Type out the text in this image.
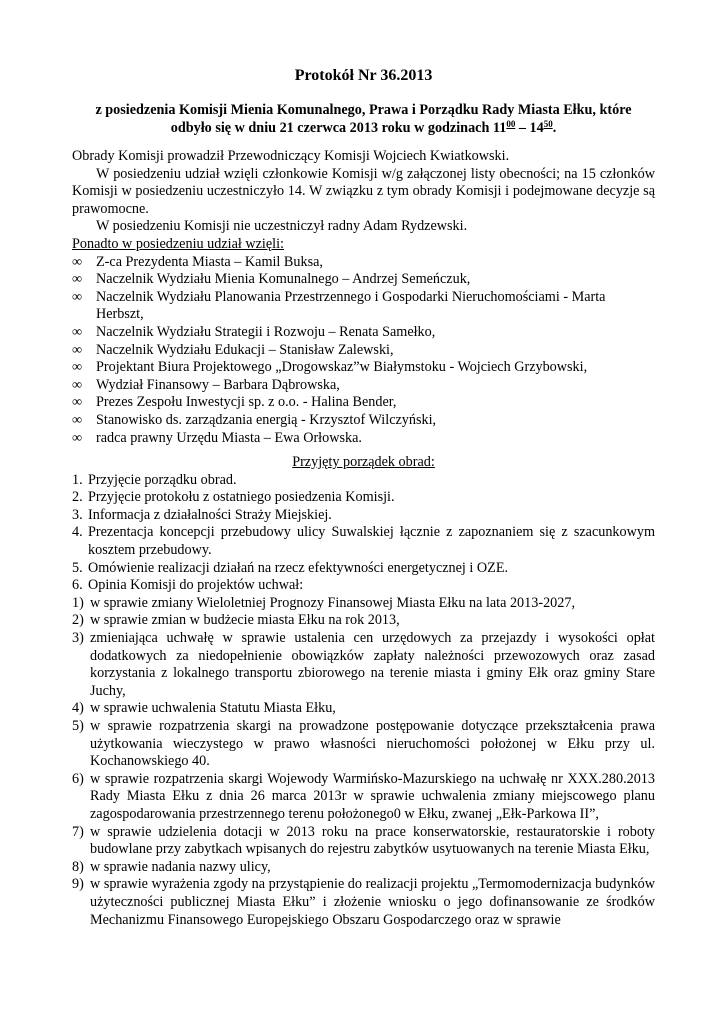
Protokół Nr 36.2013
z posiedzenia Komisji Mienia Komunalnego, Prawa i Porządku Rady Miasta Ełku, które
odbyło się w dniu 21 czerwca 2013 roku w godzinach $11^{00} - 14^{50}$.

Obrady Komisji prowadził Przewodniczący Komisji Wojciech Kwiatkowski.

W posiedzeniu udział wzięli członkowie Komisji w/g załączonej listy obecności; na 15 członków Komisji w posiedzeniu uczestniczyło 14. W związku z tym obrady Komisji i podejmowane decyzje są prawomocne.

W posiedzeniu Komisji nie uczestniczył radny Adam Rydzewski.

Ponadto w posiedzeniu udział wzięli:

∞ Z-ca Prezydenta Miasta – Kamil Buksa,
∞ Naczelnik Wydziału Mienia Komunalnego – Andrzej Semeńczuk,
∞ Naczelnik Wydziału Planowania Przestrzennego i Gospodarki Nieruchomościami - Marta Herbszt,
∞ Naczelnik Wydziału Strategii i Rozwoju – Renata Samełko,
∞ Naczelnik Wydziału Edukacji – Stanisław Zalewski,
∞ Projektant Biura Projektowego „Drogowskaz”w Białymstoku - Wojciech Grzybowski,
∞ Wydział Finansowy – Barbara Dąbrowska,
∞ Prezes Zespołu Inwestycji sp. z o.o. - Halina Bender,
∞ Stanowisko ds. zarządzania energią - Krzysztof Wilczyński,
∞ radca prawny Urzędu Miasta – Ewa Orłowska.

Przyjęty porządek obrad:

1. Przyjęcie porządku obrad.
2. Przyjęcie protokołu z ostatniego posiedzenia Komisji.
3. Informacja z działalności Straży Miejskiej.
4. Prezentacja koncepcji przebudowy ulicy Suwalskiej łącznie z zapoznaniem się z szacunkowym kosztem przebudowy.
5. Omówienie realizacji działań na rzecz efektywności energetycznej i OZE.
6. Opinia Komisji do projektów uchwał:
1) w sprawie zmiany Wieloletniej Prognozy Finansowej Miasta Ełku na lata 2013-2027,
2) w sprawie zmian w budżecie miasta Ełku na rok 2013,
3) zmieniająca uchwałę w sprawie ustalenia cen urzędowych za przejazdy i wysokości opłat dodatkowych za niedopełnienie obowiązków zapłaty należności przewozowych oraz zasad korzystania z lokalnego transportu zbiorowego na terenie miasta i gminy Ełk oraz gminy Stare Juchy,
4) w sprawie uchwalenia Statutu Miasta Ełku,
5) w sprawie rozpatrzenia skargi na prowadzone postępowanie dotyczące przekształcenia prawa użytkowania wieczystego w prawo własności nieruchomości położonej w Ełku przy ul. Kochanowskiego 40.
6) w sprawie rozpatrzenia skargi Wojewody Warmińsko-Mazurskiego na uchwałę nr XXX.280.2013 Rady Miasta Ełku z dnia 26 marca 2013r w sprawie uchwalenia zmiany miejscowego planu zagospodarowania przestrzennego terenu położonego0 w Ełku, zwanej „Ełk-Parkowa II”,
7) w sprawie udzielenia dotacji w 2013 roku na prace konserwatorskie, restauratorskie i roboty budowlane przy zabytkach wpisanych do rejestru zabytków usytuowanych na terenie Miasta Ełku,
8) w sprawie nadania nazwy ulicy,
9) w sprawie wyrażenia zgody na przystąpienie do realizacji projektu „Termomodernizacja budynków użyteczności publicznej Miasta Ełku” i złożenie wniosku o jego dofinansowanie ze środków Mechanizmu Finansowego Europejskiego Obszaru Gospodarczego oraz w sprawie
